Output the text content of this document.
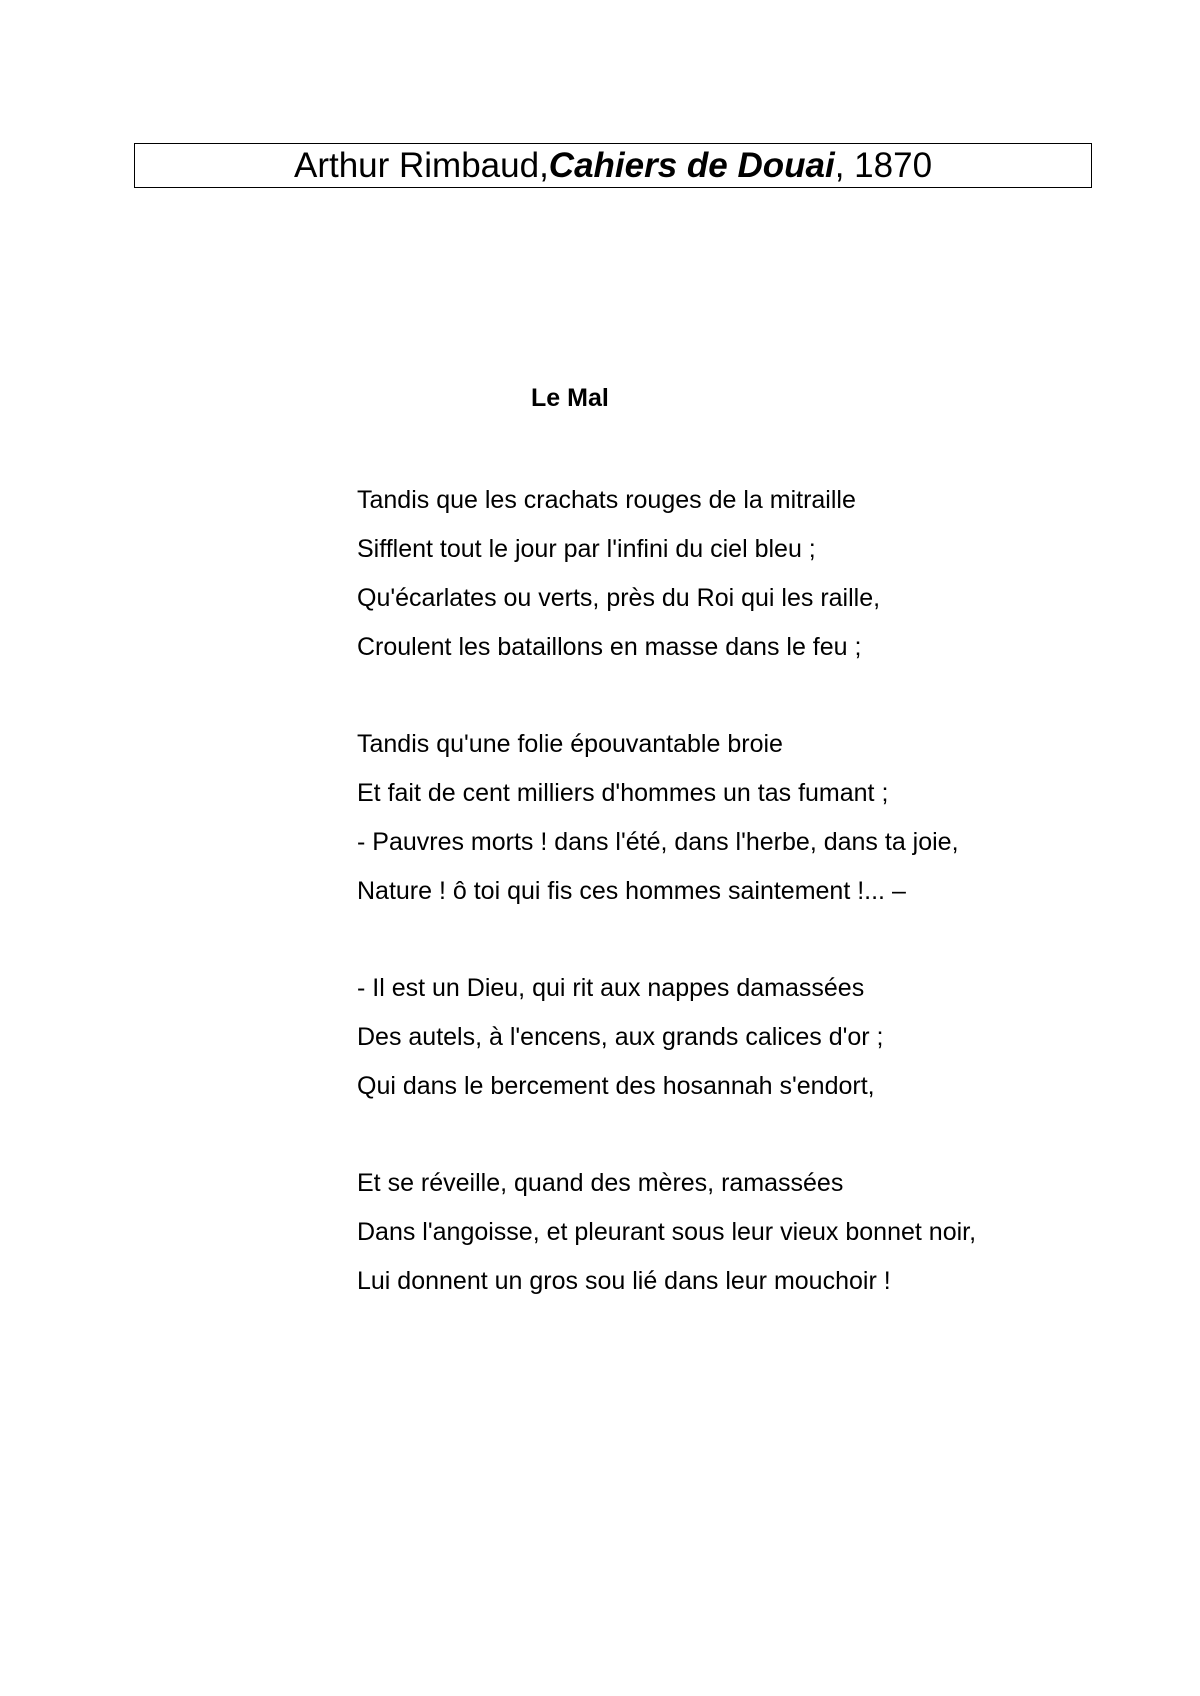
Arthur Rimbaud, Cahiers de Douai , 1870
Le Mal
Tandis que les crachats rouges de la mitraille
Sifflent tout le jour par l'infini du ciel bleu ;
Qu'écarlates ou verts, près du Roi qui les raille,
Croulent les bataillons en masse dans le feu ;
Tandis qu'une folie épouvantable broie
Et fait de cent milliers d'hommes un tas fumant ;
- Pauvres morts ! dans l'été, dans l'herbe, dans ta joie,
Nature ! ô toi qui fis ces hommes saintement !... –
- Il est un Dieu, qui rit aux nappes damassées
Des autels, à l'encens, aux grands calices d'or ;
Qui dans le bercement des hosannah s'endort,
Et se réveille, quand des mères, ramassées
Dans l'angoisse, et pleurant sous leur vieux bonnet noir,
Lui donnent un gros sou lié dans leur mouchoir !
